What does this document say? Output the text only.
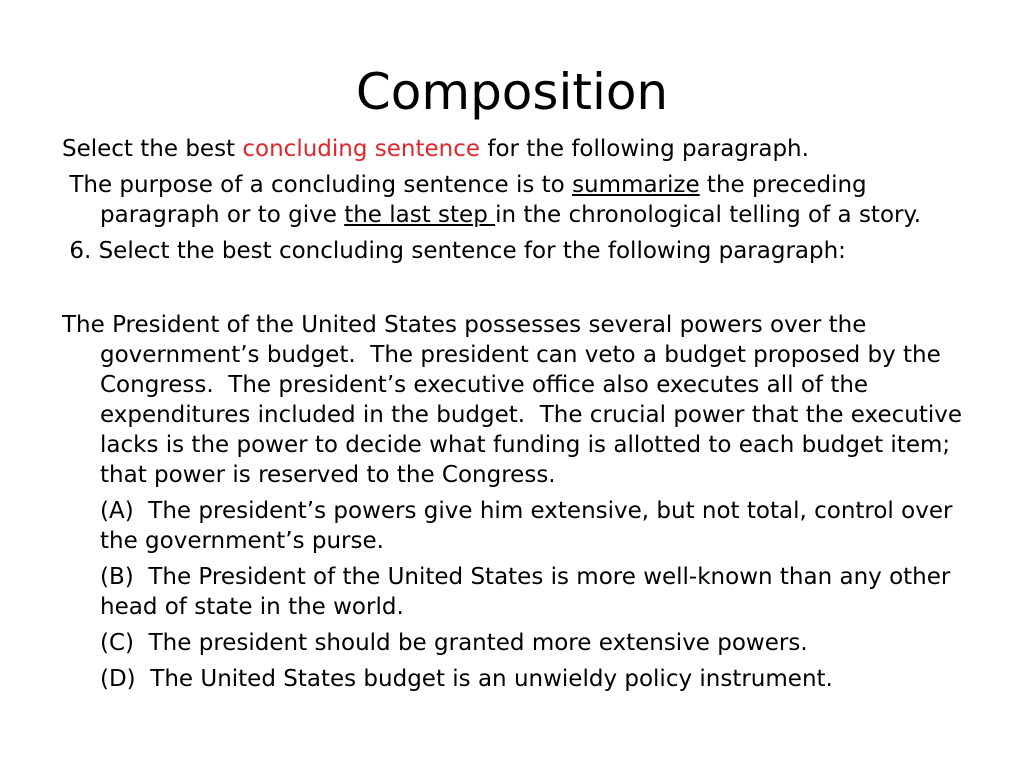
Composition

Select the best concluding sentence for the following paragraph.

The purpose of a concluding sentence is to summarize the preceding paragraph or to give the last step in the chronological telling of a story.

6. Select the best concluding sentence for the following paragraph:

The President of the United States possesses several powers over the government’s budget.  The president can veto a budget proposed by the Congress.  The president’s executive office also executes all of the expenditures included in the budget.  The crucial power that the executive lacks is the power to decide what funding is allotted to each budget item; that power is reserved to the Congress.

(A)  The president’s powers give him extensive, but not total, control over the government’s purse.

(B)  The President of the United States is more well-known than any other head of state in the world.

(C)  The president should be granted more extensive powers.

(D)  The United States budget is an unwieldy policy instrument.
